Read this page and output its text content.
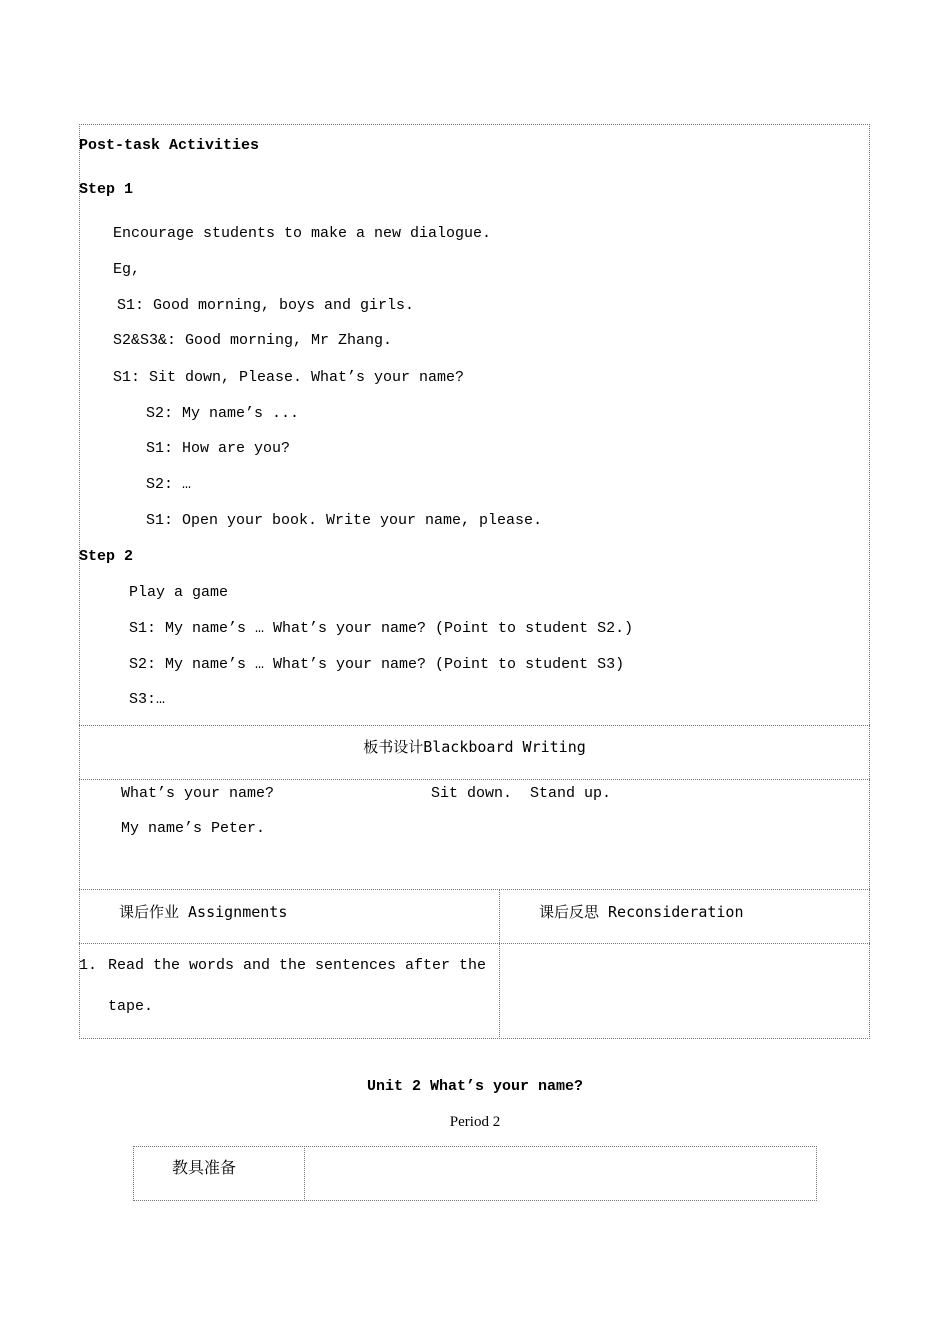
Post-task Activities
Step 1
Encourage students to make a new dialogue.
Eg,
S1: Good morning, boys and girls.
S2&S3&: Good morning, Mr Zhang.
S1: Sit down, Please. What’s your name?
S2: My name’s ...
S1: How are you?
S2: …
S1: Open your book. Write your name, please.
Step 2
Play a game
S1: My name’s … What’s your name? (Point to student S2.)
S2: My name’s … What’s your name? (Point to student S3)
S3:…
板书设计Blackboard Writing
What’s your name?	Sit down.  Stand up.
My name’s Peter.
课后作业 Assignments	课后反思 Reconsideration
1. Read the words and the sentences after the
tape.
Unit 2 What’s your name?
Period 2
教具准备
